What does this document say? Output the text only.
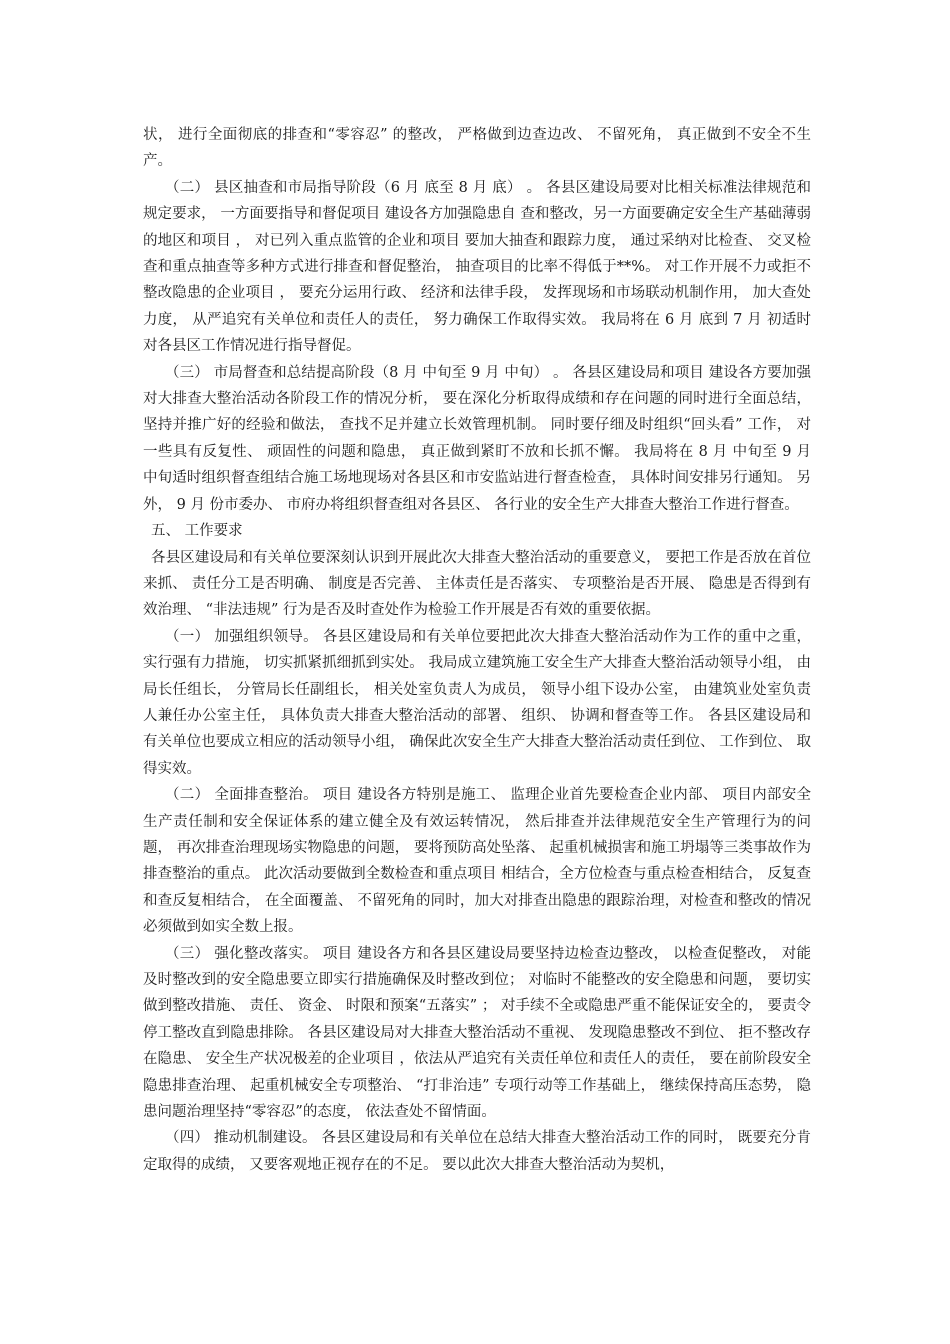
状， 进行全面彻底的排查和“零容忍” 的整改， 严格做到边查边改、 不留死角， 真正做到不安全不生产。

（二） 县区抽查和市局指导阶段（6 月 底至 8 月 底） 。 各县区建设局要对比相关标准法律规范和规定要求， 一方面要指导和督促项目 建设各方加强隐患自 查和整改，另一方面要确定安全生产基础薄弱的地区和项目 ， 对已列入重点监管的企业和项目 要加大抽查和跟踪力度， 通过采纳对比检查、 交叉检查和重点抽查等多种方式进行排查和督促整治， 抽查项目的比率不得低于**%。 对工作开展不力或拒不整改隐患的企业项目 ， 要充分运用行政、 经济和法律手段， 发挥现场和市场联动机制作用， 加大查处力度， 从严追究有关单位和责任人的责任， 努力确保工作取得实效。 我局将在 6 月 底到 7 月 初适时对各县区工作情况进行指导督促。

（三） 市局督查和总结提高阶段（8 月 中旬至 9 月 中旬） 。 各县区建设局和项目 建设各方要加强对大排查大整治活动各阶段工作的情况分析， 要在深化分析取得成绩和存在问题的同时进行全面总结， 坚持并推广好的经验和做法， 查找不足并建立长效管理机制。 同时要仔细及时组织“回头看” 工作， 对一些具有反复性、 顽固性的问题和隐患， 真正做到紧盯不放和长抓不懈。 我局将在 8 月 中旬至 9 月 中旬适时组织督查组结合施工场地现场对各县区和市安监站进行督查检查， 具体时间安排另行通知。 另外， 9 月 份市委办、 市府办将组织督查组对各县区、 各行业的安全生产大排查大整治工作进行督查。

五、 工作要求

各县区建设局和有关单位要深刻认识到开展此次大排查大整治活动的重要意义， 要把工作是否放在首位来抓、 责任分工是否明确、 制度是否完善、 主体责任是否落实、 专项整治是否开展、 隐患是否得到有效治理、 “非法违规” 行为是否及时查处作为检验工作开展是否有效的重要依据。

（一） 加强组织领导。 各县区建设局和有关单位要把此次大排查大整治活动作为工作的重中之重， 实行强有力措施， 切实抓紧抓细抓到实处。 我局成立建筑施工安全生产大排查大整治活动领导小组， 由局长任组长， 分管局长任副组长， 相关处室负责人为成员， 领导小组下设办公室， 由建筑业处室负责人兼任办公室主任， 具体负责大排查大整治活动的部署、 组织、 协调和督查等工作。 各县区建设局和有关单位也要成立相应的活动领导小组， 确保此次安全生产大排查大整治活动责任到位、 工作到位、 取得实效。

（二） 全面排查整治。 项目 建设各方特别是施工、 监理企业首先要检查企业内部、 项目内部安全生产责任制和安全保证体系的建立健全及有效运转情况， 然后排查并法律规范安全生产管理行为的问题， 再次排查治理现场实物隐患的问题， 要将预防高处坠落、 起重机械损害和施工坍塌等三类事故作为排查整治的重点。 此次活动要做到全数检查和重点项目 相结合，全方位检查与重点检查相结合， 反复查和查反复相结合， 在全面覆盖、 不留死角的同时，加大对排查出隐患的跟踪治理，对检查和整改的情况必须做到如实全数上报。

（三） 强化整改落实。 项目 建设各方和各县区建设局要坚持边检查边整改， 以检查促整改， 对能及时整改到的安全隐患要立即实行措施确保及时整改到位； 对临时不能整改的安全隐患和问题， 要切实做到整改措施、 责任、 资金、 时限和预案“五落实” ； 对手续不全或隐患严重不能保证安全的， 要责令停工整改直到隐患排除。 各县区建设局对大排查大整治活动不重视、 发现隐患整改不到位、 拒不整改存在隐患、 安全生产状况极差的企业项目 ，依法从严追究有关责任单位和责任人的责任， 要在前阶段安全隐患排查治理、 起重机械安全专项整治、 “打非治违” 专项行动等工作基础上， 继续保持高压态势， 隐患问题治理坚持“零容忍”的态度， 依法查处不留情面。

（四） 推动机制建设。 各县区建设局和有关单位在总结大排查大整治活动工作的同时， 既要充分肯定取得的成绩， 又要客观地正视存在的不足。 要以此次大排查大整治活动为契机，
